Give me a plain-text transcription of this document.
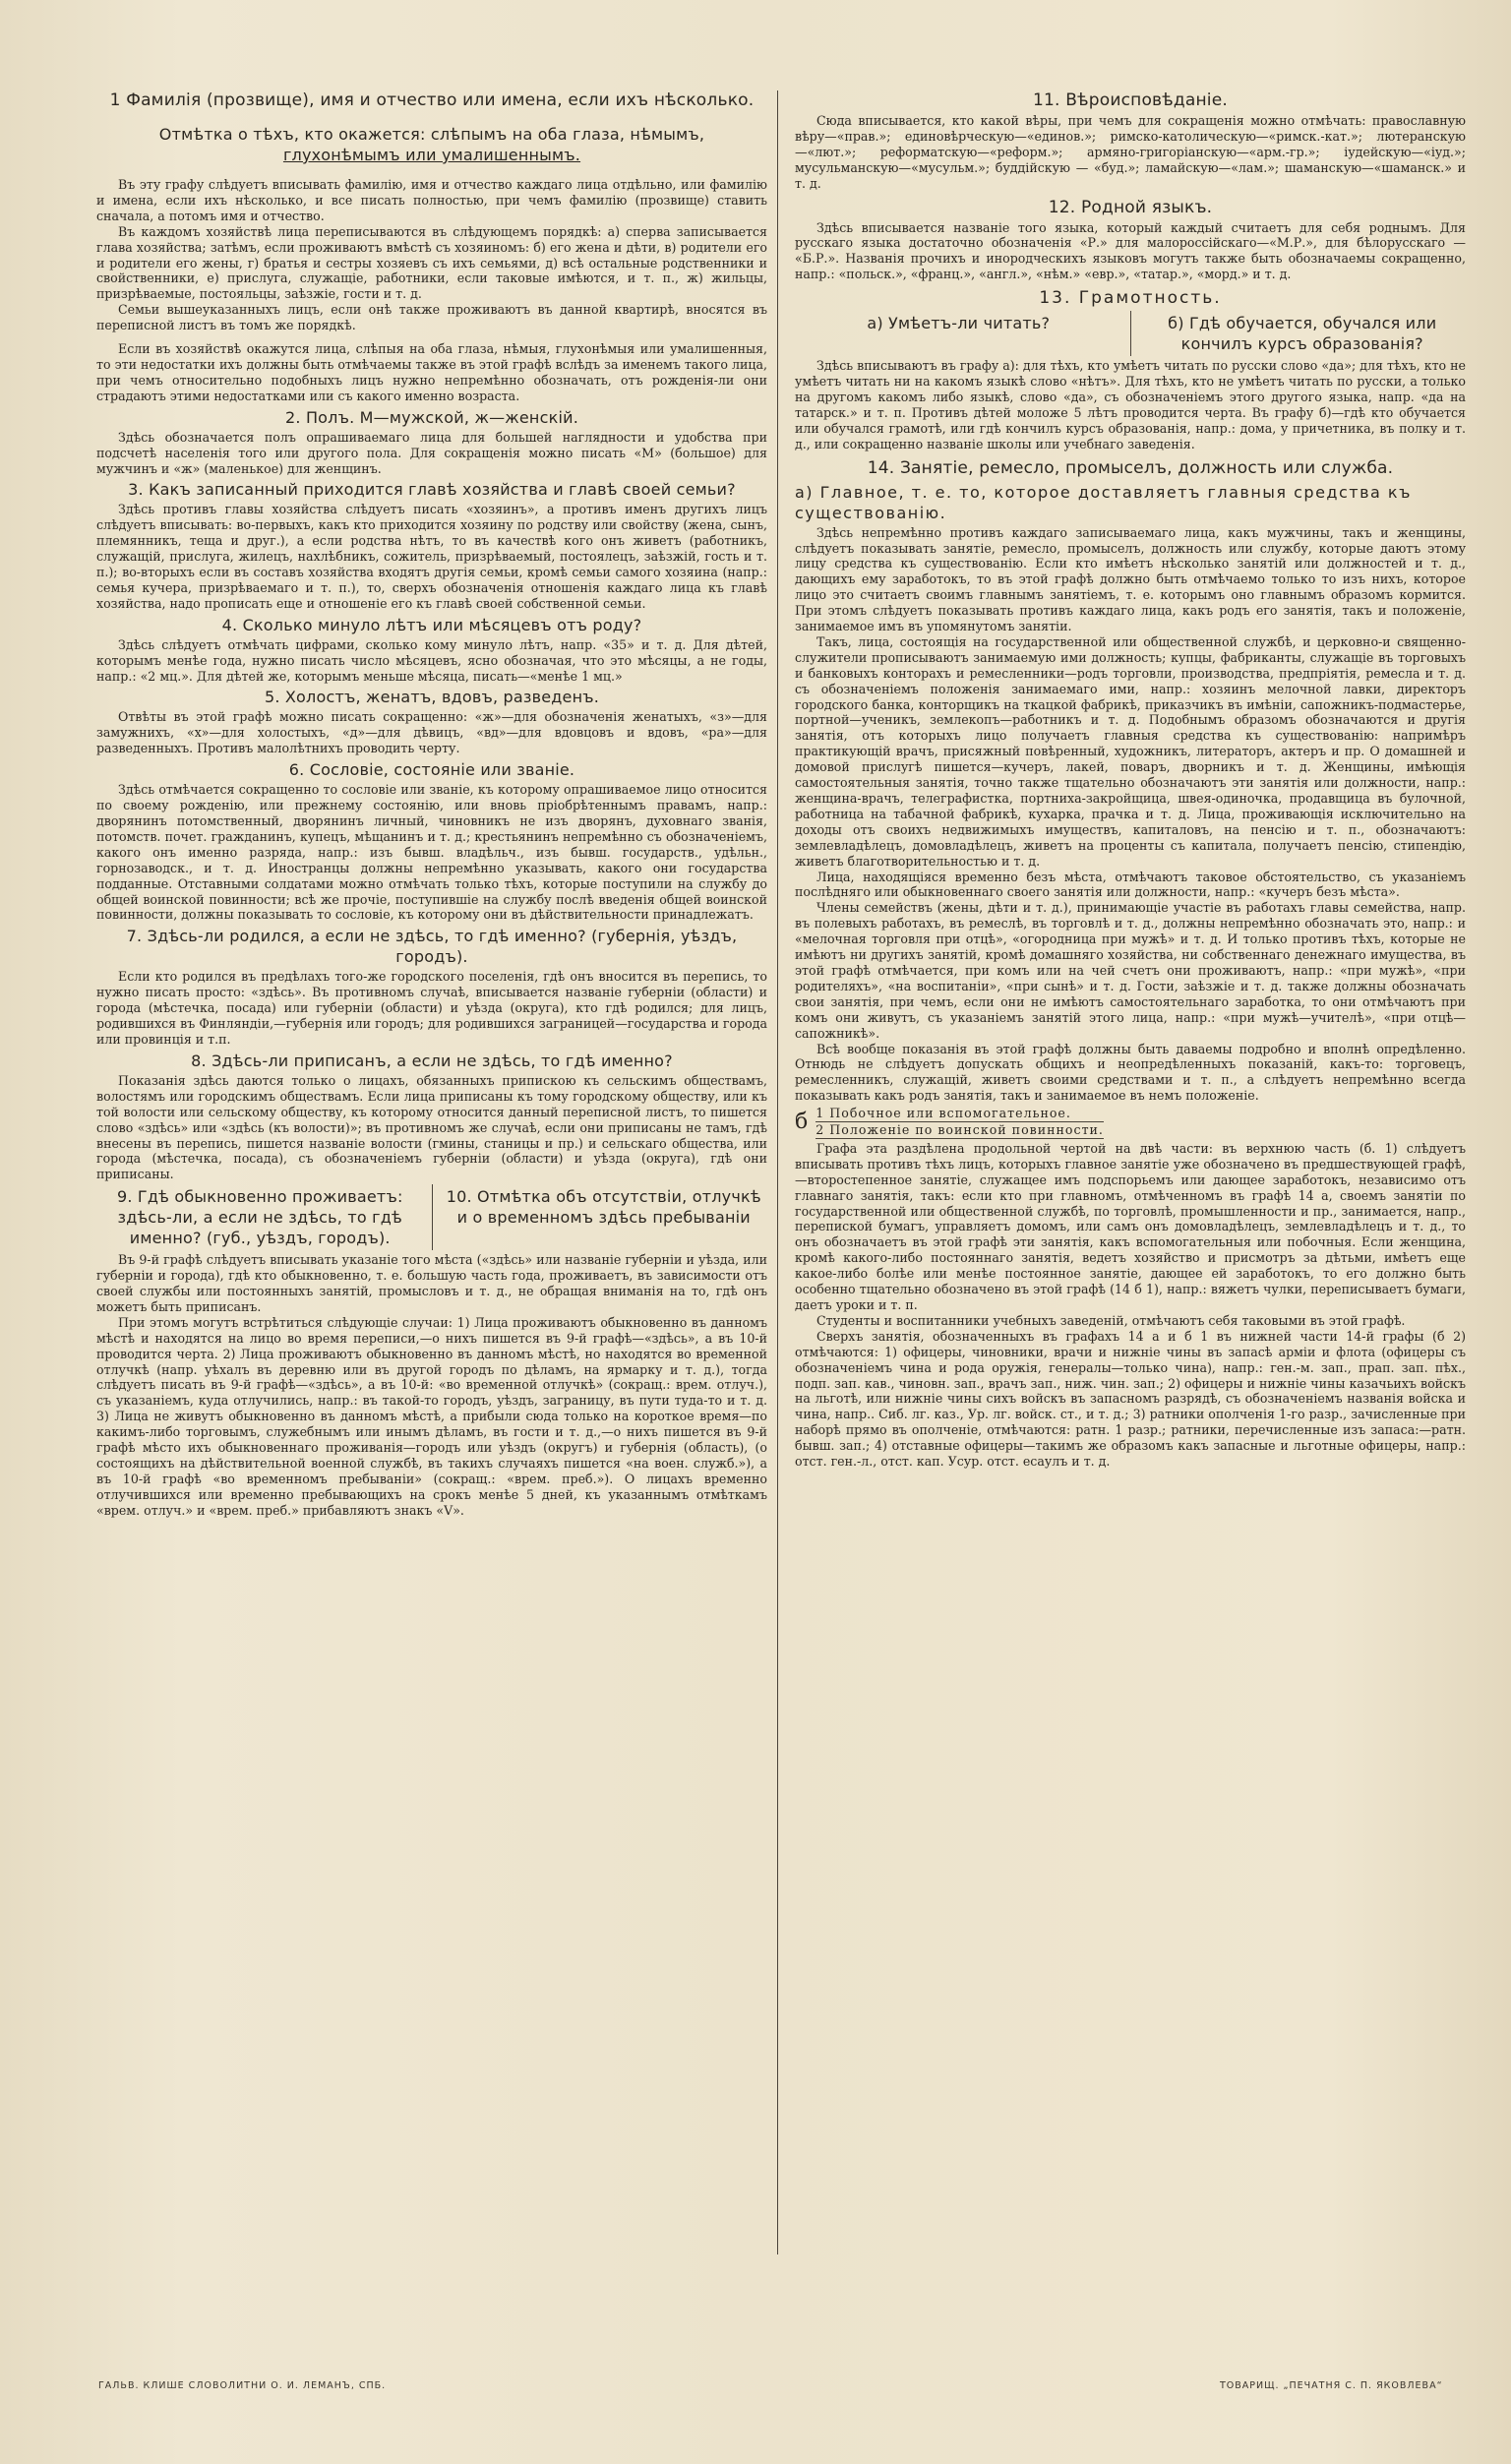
1 Фамилія (прозвище), имя и отчество или имена, если ихъ нѣсколько.
Отмѣтка о тѣхъ, кто окажется: слѣпымъ на оба глаза, нѣмымъ,
глухонѣмымъ или умалишеннымъ.

Въ эту графу слѣдуетъ вписывать фамилію, имя и отчество каждаго лица отдѣльно, или фамилію и имена, если ихъ нѣсколько, и все писать полностью, при чемъ фамилію (прозвище) ставить сначала, а потомъ имя и отчество.

Въ каждомъ хозяйствѣ лица переписываются въ слѣдующемъ порядкѣ: а) сперва записывается глава хозяйства; затѣмъ, если проживаютъ вмѣстѣ съ хозяиномъ: б) его жена и дѣти, в) родители его и родители его жены, г) братья и сестры хозяевъ съ ихъ семьями, д) всѣ остальные родственники и свойственники, е) прислуга, служащіе, работники, если таковые имѣются, и т. п., ж) жильцы, призрѣваемые, постояльцы, заѣзжіе, гости и т. д.

Семьи вышеуказанныхъ лицъ, если онѣ также проживаютъ въ данной квартирѣ, вносятся въ переписной листъ въ томъ же порядкѣ.

Если въ хозяйствѣ окажутся лица, слѣпыя на оба глаза, нѣмыя, глухонѣмыя или умалишенныя, то эти недостатки ихъ должны быть отмѣчаемы также въ этой графѣ вслѣдъ за именемъ такого лица, при чемъ относительно подобныхъ лицъ нужно непремѣнно обозначать, отъ рожденія-ли они страдаютъ этими недостатками или съ какого именно возраста.

2. Полъ. М—мужской, ж—женскій.

Здѣсь обозначается полъ опрашиваемаго лица для большей наглядности и удобства при подсчетѣ населенія того или другого пола. Для сокращенія можно писать «М» (большое) для мужчинъ и «ж» (маленькое) для женщинъ.

3. Какъ записанный приходится главѣ хозяйства и главѣ своей семьи?

Здѣсь противъ главы хозяйства слѣдуетъ писать «хозяинъ», а противъ именъ другихъ лицъ слѣдуетъ вписывать: во-первыхъ, какъ кто приходится хозяину по родству или свойству (жена, сынъ, племянникъ, теща и друг.), а если родства нѣтъ, то въ качествѣ кого онъ живетъ (работникъ, служащій, прислуга, жилецъ, нахлѣбникъ, сожитель, призрѣваемый, постоялецъ, заѣзжій, гость и т. п.); во-вторыхъ если въ составъ хозяйства входятъ другія семьи, кромѣ семьи самого хозяина (напр.: семья кучера, призрѣваемаго и т. п.), то, сверхъ обозначенія отношенія каждаго лица къ главѣ хозяйства, надо прописать еще и отношеніе его къ главѣ своей собственной семьи.

4. Сколько минуло лѣтъ или мѣсяцевъ отъ роду?

Здѣсь слѣдуетъ отмѣчать цифрами, сколько кому минуло лѣтъ, напр. «35» и т. д. Для дѣтей, которымъ менѣе года, нужно писать число мѣсяцевъ, ясно обозначая, что это мѣсяцы, а не годы, напр.: «2 мц.». Для дѣтей же, которымъ меньше мѣсяца, писать—«менѣе 1 мц.»

5. Холостъ, женатъ, вдовъ, разведенъ.

Отвѣты въ этой графѣ можно писать сокращенно: «ж»—для обозначенія женатыхъ, «з»—для замужнихъ, «х»—для холостыхъ, «д»—для дѣвицъ, «вд»—для вдовцовъ и вдовъ, «ра»—для разведенныхъ. Противъ малолѣтнихъ проводить черту.

6. Сословіе, состояніе или званіе.

Здѣсь отмѣчается сокращенно то сословіе или званіе, къ которому опрашиваемое лицо относится по своему рожденію, или прежнему состоянію, или вновь пріобрѣтеннымъ правамъ, напр.: дворянинъ потомственный, дворянинъ личный, чиновникъ не изъ дворянъ, духовнаго званія, потомств. почет. гражданинъ, купецъ, мѣщанинъ и т. д.; крестьянинъ непремѣнно съ обозначеніемъ, какого онъ именно разряда, напр.: изъ бывш. владѣльч., изъ бывш. государств., удѣльн., горнозаводск., и т. д. Иностранцы должны непремѣнно указывать, какого они государства подданные. Отставными солдатами можно отмѣчать только тѣхъ, которые поступили на службу до общей воинской повинности; всѣ же прочіе, поступившіе на службу послѣ введенія общей воинской повинности, должны показывать то сословіе, къ которому они въ дѣйствительности принадлежатъ.

7. Здѣсь-ли родился, а если не здѣсь, то гдѣ именно? (губернія, уѣздъ, городъ).

Если кто родился въ предѣлахъ того-же городского поселенія, гдѣ онъ вносится въ перепись, то нужно писать просто: «здѣсь». Въ противномъ случаѣ, вписывается названіе губерніи (области) и города (мѣстечка, посада) или губерніи (области) и уѣзда (округа), кто гдѣ родился; для лицъ, родившихся въ Финляндіи,—губернія или городъ; для родившихся заграницей—государства и города или провинція и т.п.

8. Здѣсь-ли приписанъ, а если не здѣсь, то гдѣ именно?

Показанія здѣсь даются только о лицахъ, обязанныхъ припискою къ сельскимъ обществамъ, волостямъ или городскимъ обществамъ. Если лица приписаны къ тому городскому обществу, или къ той волости или сельскому обществу, къ которому относится данный переписной листъ, то пишется слово «здѣсь» или «здѣсь (къ волости)»; въ противномъ же случаѣ, если они приписаны не тамъ, гдѣ внесены въ перепись, пишется названіе волости (гмины, станицы и пр.) и сельскаго общества, или города (мѣстечка, посада), съ обозначеніемъ губерніи (области) и уѣзда (округа), гдѣ они приписаны.

9. Гдѣ обыкновенно проживаетъ: здѣсь-ли, а если не здѣсь, то гдѣ именно? (губ., уѣздъ, городъ).
10. Отмѣтка объ отсутствіи, отлучкѣ и о временномъ здѣсь пребываніи

Въ 9-й графѣ слѣдуетъ вписывать указаніе того мѣста («здѣсь» или названіе губерніи и уѣзда, или губерніи и города), гдѣ кто обыкновенно, т. е. большую часть года, проживаетъ, въ зависимости отъ своей службы или постоянныхъ занятій, промысловъ и т. д., не обращая вниманія на то, гдѣ онъ можетъ быть приписанъ.

При этомъ могутъ встрѣтиться слѣдующіе случаи: 1) Лица проживаютъ обыкновенно въ данномъ мѣстѣ и находятся на лицо во время переписи,—о нихъ пишется въ 9-й графѣ—«здѣсь», а въ 10-й проводится черта. 2) Лица проживаютъ обыкновенно въ данномъ мѣстѣ, но находятся во временной отлучкѣ (напр. уѣхалъ въ деревню или въ другой городъ по дѣламъ, на ярмарку и т. д.), тогда слѣдуетъ писать въ 9-й графѣ—«здѣсь», а въ 10-й: «во временной отлучкѣ» (сокращ.: врем. отлуч.), съ указаніемъ, куда отлучились, напр.: въ такой-то городъ, уѣздъ, заграницу, въ пути туда-то и т. д. 3) Лица не живутъ обыкновенно въ данномъ мѣстѣ, а прибыли сюда только на короткое время—по какимъ-либо торговымъ, служебнымъ или инымъ дѣламъ, въ гости и т. д.,—о нихъ пишется въ 9-й графѣ мѣсто ихъ обыкновеннаго проживанія—городъ или уѣздъ (округъ) и губернія (область), (о состоящихъ на дѣйствительной военной службѣ, въ такихъ случаяхъ пишется «на воен. служб.»), а въ 10-й графѣ «во временномъ пребываніи» (сокращ.: «врем. преб.»). О лицахъ временно отлучившихся или временно пребывающихъ на срокъ менѣе 5 дней, къ указаннымъ отмѣткамъ «врем. отлуч.» и «врем. преб.» прибавляютъ знакъ «V».

11. Вѣроисповѣданіе.

Сюда вписывается, кто какой вѣры, при чемъ для сокращенія можно отмѣчать: православную вѣру—«прав.»; единовѣрческую—«единов.»; римско-католическую—«римск.-кат.»; лютеранскую—«лют.»; реформатскую—«реформ.»; армяно-григоріанскую—«арм.-гр.»; іудейскую—«іуд.»; мусульманскую—«мусульм.»; буддійскую — «буд.»; ламайскую—«лам.»; шаманскую—«шаманск.» и т. д.

12. Родной языкъ.

Здѣсь вписывается названіе того языка, который каждый считаетъ для себя роднымъ. Для русскаго языка достаточно обозначенія «Р.» для малороссійскаго—«М.Р.», для бѣлорусскаго — «Б.Р.». Названія прочихъ и инородческихъ языковъ могутъ также быть обозначаемы сокращенно, напр.: «польск.», «франц.», «англ.», «нѣм.» «евр.», «татар.», «морд.» и т. д.

13. Грамотность.
а) Умѣетъ-ли читать?	б) Гдѣ обучается, обучался или кончилъ курсъ образованія?

Здѣсь вписываютъ въ графу а): для тѣхъ, кто умѣетъ читать по русски слово «да»; для тѣхъ, кто не умѣетъ читать ни на какомъ языкѣ слово «нѣтъ». Для тѣхъ, кто не умѣетъ читать по русски, а только на другомъ какомъ либо языкѣ, слово «да», съ обозначеніемъ этого другого языка, напр. «да на татарск.» и т. п. Противъ дѣтей моложе 5 лѣтъ проводится черта. Въ графу б)—гдѣ кто обучается или обучался грамотѣ, или гдѣ кончилъ курсъ образованія, напр.: дома, у причетника, въ полку и т. д., или сокращенно названіе школы или учебнаго заведенія.

14. Занятіе, ремесло, промыселъ, должность или служба.
а) Главное, т. е. то, которое доставляетъ главныя средства къ существованію.

Здѣсь непремѣнно противъ каждаго записываемаго лица, какъ мужчины, такъ и женщины, слѣдуетъ показывать занятіе, ремесло, промыселъ, должность или службу, которые даютъ этому лицу средства къ существованію. Если кто имѣетъ нѣсколько занятій или должностей и т. д., дающихъ ему заработокъ, то въ этой графѣ должно быть отмѣчаемо только то изъ нихъ, которое лицо это считаетъ своимъ главнымъ занятіемъ, т. е. которымъ оно главнымъ образомъ кормится. При этомъ слѣдуетъ показывать противъ каждаго лица, какъ родъ его занятія, такъ и положеніе, занимаемое имъ въ упомянутомъ занятіи.

Такъ, лица, состоящія на государственной или общественной службѣ, и церковно-и священно-служители прописываютъ занимаемую ими должность; купцы, фабриканты, служащіе въ торговыхъ и банковыхъ конторахъ и ремесленники—родъ торговли, производства, предпріятія, ремесла и т. д. съ обозначеніемъ положенія занимаемаго ими, напр.: хозяинъ мелочной лавки, директоръ городского банка, конторщикъ на ткацкой фабрикѣ, приказчикъ въ имѣніи, сапожникъ-подмастерье, портной—ученикъ, землекопъ—работникъ и т. д. Подобнымъ образомъ обозначаются и другія занятія, отъ которыхъ лицо получаетъ главныя средства къ существованію: напримѣръ практикующій врачъ, присяжный повѣренный, художникъ, литераторъ, актеръ и пр. О домашней и домовой прислугѣ пишется—кучеръ, лакей, поваръ, дворникъ и т. д. Женщины, имѣющія самостоятельныя занятія, точно также тщательно обозначаютъ эти занятія или должности, напр.: женщина-врачъ, телеграфистка, портниха-закройщица, швея-одиночка, продавщица въ булочной, работница на табачной фабрикѣ, кухарка, прачка и т. д. Лица, проживающія исключительно на доходы отъ своихъ недвижимыхъ имуществъ, капиталовъ, на пенсію и т. п., обозначаютъ: землевладѣлецъ, домовладѣлецъ, живетъ на проценты съ капитала, получаетъ пенсію, стипендію, живетъ благотворительностью и т. д.

Лица, находящіяся временно безъ мѣста, отмѣчаютъ таковое обстоятельство, съ указаніемъ послѣдняго или обыкновеннаго своего занятія или должности, напр.: «кучеръ безъ мѣста».

Члены семействъ (жены, дѣти и т. д.), принимающіе участіе въ работахъ главы семейства, напр. въ полевыхъ работахъ, въ ремеслѣ, въ торговлѣ и т. д., должны непремѣнно обозначать это, напр.: и «мелочная торговля при отцѣ», «огородница при мужѣ» и т. д. И только противъ тѣхъ, которые не имѣютъ ни другихъ занятій, кромѣ домашняго хозяйства, ни собственнаго денежнаго имущества, въ этой графѣ отмѣчается, при комъ или на чей счетъ они проживаютъ, напр.: «при мужѣ», «при родителяхъ», «на воспитаніи», «при сынѣ» и т. д. Гости, заѣзжіе и т. д. также должны обозначать свои занятія, при чемъ, если они не имѣютъ самостоятельнаго заработка, то они отмѣчаютъ при комъ они живутъ, съ указаніемъ занятій этого лица, напр.: «при мужѣ—учителѣ», «при отцѣ—сапожникѣ».

Всѣ вообще показанія въ этой графѣ должны быть даваемы подробно и вполнѣ опредѣленно. Отнюдь не слѣдуетъ допускать общихъ и неопредѣленныхъ показаній, какъ-то: торговецъ, ремесленникъ, служащій, живетъ своими средствами и т. п., а слѣдуетъ непремѣнно всегда показывать какъ родъ занятія, такъ и занимаемое въ немъ положеніе.

б 1 Побочное или вспомогательное.
2 Положеніе по воинской повинности.

Графа эта раздѣлена продольной чертой на двѣ части: въ верхнюю часть (б. 1) слѣдуетъ вписывать противъ тѣхъ лицъ, которыхъ главное занятіе уже обозначено въ предшествующей графѣ,—второстепенное занятіе, служащее имъ подспорьемъ или дающее заработокъ, независимо отъ главнаго занятія, такъ: если кто при главномъ, отмѣченномъ въ графѣ 14 а, своемъ занятіи по государственной или общественной службѣ, по торговлѣ, промышленности и пр., занимается, напр., перепиской бумагъ, управляетъ домомъ, или самъ онъ домовладѣлецъ, землевладѣлецъ и т. д., то онъ обозначаетъ въ этой графѣ эти занятія, какъ вспомогательныя или побочныя. Если женщина, кромѣ какого-либо постояннаго занятія, ведетъ хозяйство и присмотръ за дѣтьми, имѣетъ еще какое-либо болѣе или менѣе постоянное занятіе, дающее ей заработокъ, то его должно быть особенно тщательно обозначено въ этой графѣ (14 б 1), напр.: вяжетъ чулки, переписываетъ бумаги, даетъ уроки и т. п.

Студенты и воспитанники учебныхъ заведеній, отмѣчаютъ себя таковыми въ этой графѣ.

Сверхъ занятія, обозначенныхъ въ графахъ 14 а и б 1 въ нижней части 14-й графы (б 2) отмѣчаются: 1) офицеры, чиновники, врачи и нижніе чины въ запасѣ арміи и флота (офицеры съ обозначеніемъ чина и рода оружія, генералы—только чина), напр.: ген.-м. зап., прап. зап. пѣх., подп. зап. кав., чиновн. зап., врачъ зап., ниж. чин. зап.; 2) офицеры и нижніе чины казачьихъ войскъ на льготѣ, или нижніе чины сихъ войскъ въ запасномъ разрядѣ, съ обозначеніемъ названія войска и чина, напр.. Сиб. лг. каз., Ур. лг. войск. ст., и т. д.; 3) ратники ополченія 1-го разр., зачисленные при наборѣ прямо въ ополченіе, отмѣчаются: ратн. 1 разр.; ратники, перечисленные изъ запаса:—ратн. бывш. зап.; 4) отставные офицеры—такимъ же образомъ какъ запасные и льготные офицеры, напр.: отст. ген.-л., отст. кап. Усур. отст. есаулъ и т. д.

ГАЛЬВ. КЛИШЕ СЛОВОЛИТНИ О. И. ЛЕМАНЪ, СПБ.	ТОВАРИЩ. „ПЕЧАТНЯ С. П. ЯКОВЛЕВА“
